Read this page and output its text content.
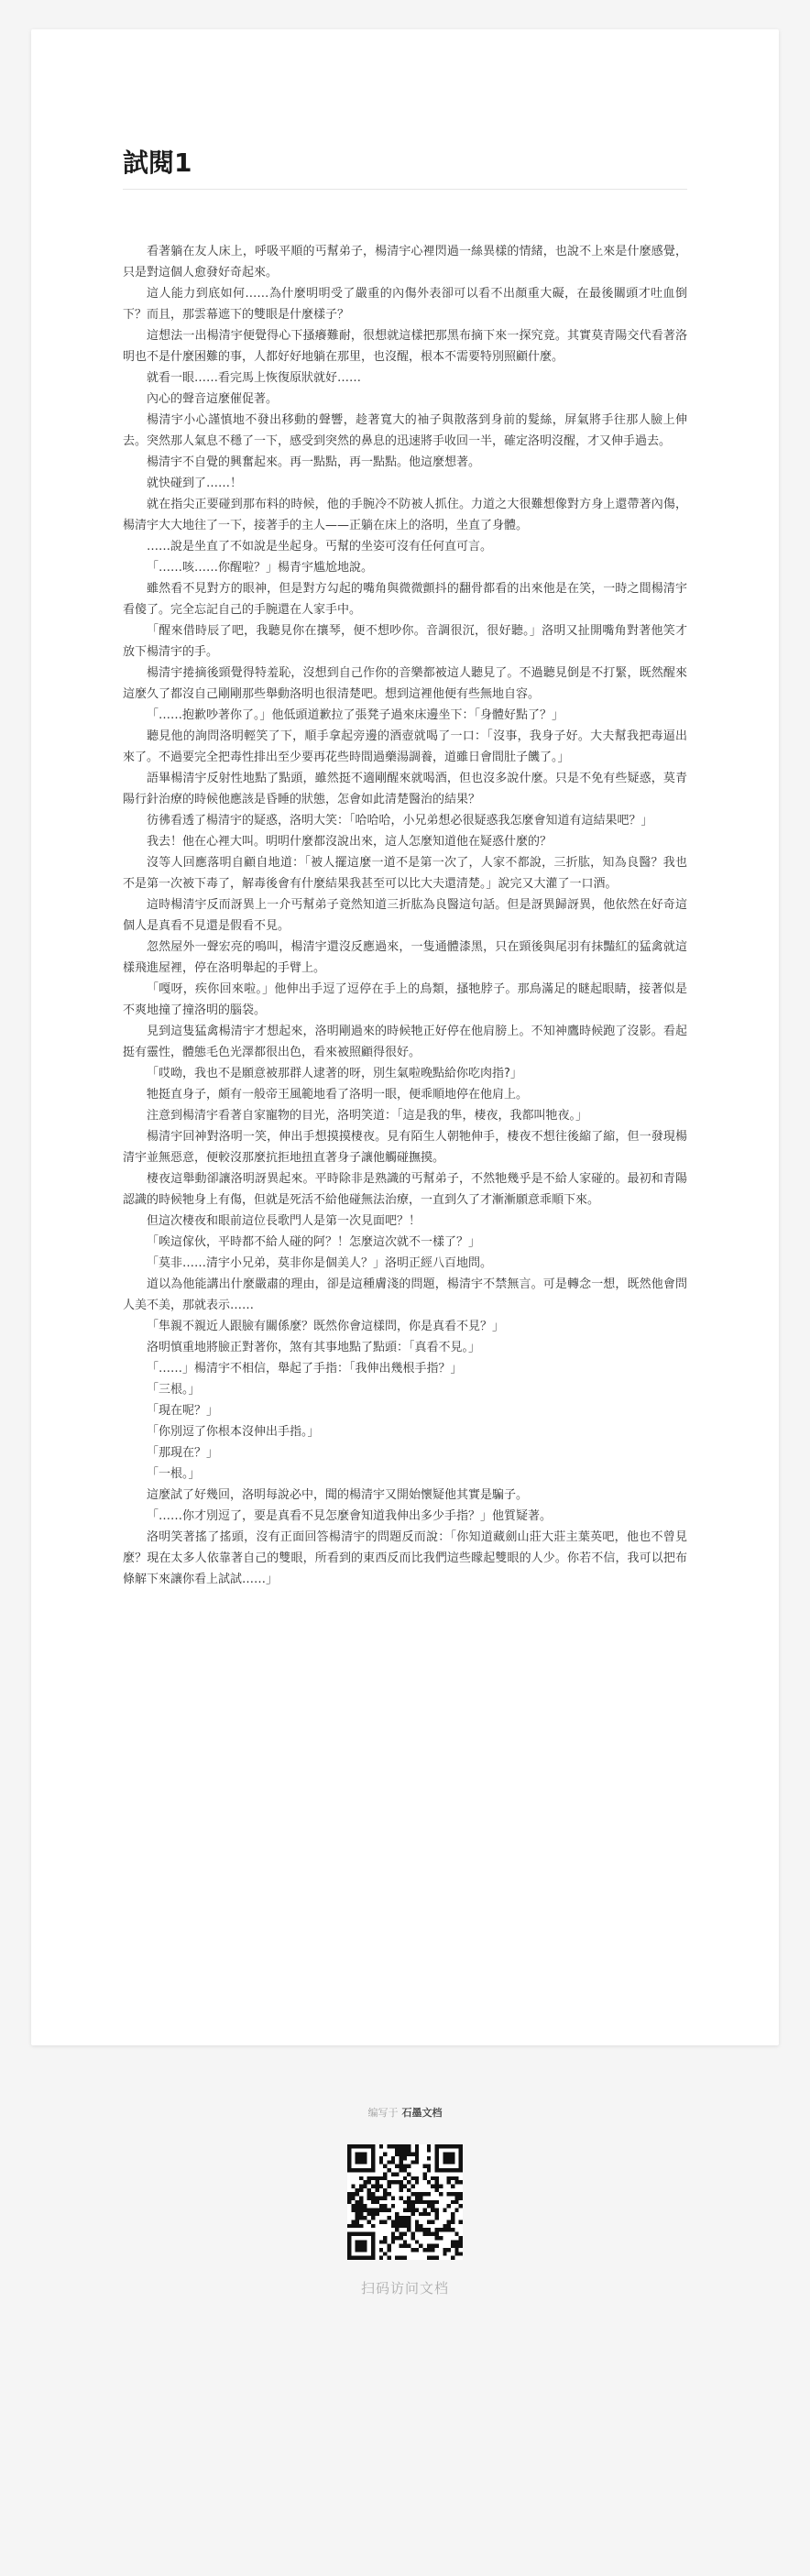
試閱1

看著躺在友人床上，呼吸平順的丐幫弟子，楊清宇心裡閃過一絲異樣的情緒，也說不上來是什麼感覺，只是對這個人愈發好奇起來。

這人能力到底如何……為什麼明明受了嚴重的內傷外表卻可以看不出顏重大礙，在最後關頭才吐血倒下？而且，那雲幕遮下的雙眼是什麼樣子？

這想法一出楊清宇便覺得心下搔癢難耐，很想就這樣把那黑布摘下來一探究竟。其實莫青陽交代看著洛明也不是什麼困難的事，人都好好地躺在那里，也沒醒，根本不需要特別照顧什麼。

就看一眼……看完馬上恢復原狀就好……

內心的聲音這麼催促著。

楊清宇小心謹慎地不發出移動的聲響，趁著寬大的袖子與散落到身前的髮絲，屏氣將手往那人臉上伸去。突然那人氣息不穩了一下，感受到突然的鼻息的迅速將手收回一半，確定洛明沒醒，才又伸手過去。

楊清宇不自覺的興奮起來。再一點點，再一點點。他這麼想著。

就快碰到了……！

就在指尖正要碰到那布料的時候，他的手腕冷不防被人抓住。力道之大很難想像對方身上還帶著內傷，楊清宇大大地往了一下，接著手的主人——正躺在床上的洛明，坐直了身體。

……說是坐直了不如說是坐起身。丐幫的坐姿可沒有任何直可言。

「……咳……你醒啦？」楊青宇尴尬地說。

雖然看不見對方的眼神，但是對方勾起的嘴角與微微顫抖的翻骨都看的出來他是在笑，一時之間楊清宇看傻了。完全忘記自己的手腕還在人家手中。

「醒來借時辰了吧，我聽見你在攘琴，便不想吵你。音調很沉，很好聽。」洛明又扯開嘴角對著他笑才放下楊清宇的手。

楊清宇捲摘後頸覺得特羞恥，沒想到自己作你的音樂都被這人聽見了。不過聽見倒是不打緊，既然醒來這麼久了都沒自己剛剛那些舉動洛明也很清楚吧。想到這裡他便有些無地自容。

「……抱歉吵著你了。」他低頭道歉拉了張凳子過來床邊坐下：「身體好點了？」

聽見他的詢問洛明輕笑了下，順手拿起旁邊的酒壺就喝了一口：「沒事，我身子好。大夫幫我把毒逼出來了。不過要完全把毒性排出至少要再花些時間過藥湯調養，道雖日會間肚子饑了。」

語畢楊清宇反射性地點了點頭，雖然挺不適剛醒來就喝酒，但也沒多說什麼。只是不免有些疑惑，莫青陽行針治療的時候他應該是昏睡的狀態，怎會如此清楚醫治的結果？

彷彿看透了楊清宇的疑惑，洛明大笑：「哈哈哈，小兄弟想必很疑惑我怎麼會知道有這結果吧？」

我去！他在心裡大叫。明明什麼都沒說出來，這人怎麼知道他在疑惑什麼的？

沒等人回應落明自顧自地道：「被人擺這麼一道不是第一次了，人家不都說，三折肱，知為良醫？我也不是第一次被下毒了，解毒後會有什麼結果我甚至可以比大夫還清楚。」說完又大灌了一口酒。

這時楊清宇反而訝異上一介丐幫弟子竟然知道三折肱為良醫這句話。但是訝異歸訝異，他依然在好奇這個人是真看不見還是假看不見。

忽然屋外一聲宏亮的鳴叫，楊清宇還沒反應過來，一隻通體漆黑，只在頸後與尾羽有抹豔紅的猛禽就這樣飛進屋裡，停在洛明舉起的手臂上。

「嘎呀，疾你回來啦。」他伸出手逗了逗停在手上的鳥類，搔牠脖子。那鳥滿足的瞇起眼睛，接著似是不爽地撞了撞洛明的腦袋。

見到這隻猛禽楊清宇才想起來，洛明剛過來的時候牠正好停在他肩膀上。不知神鷹時候跑了沒影。看起挺有靈性，體態毛色光澤都很出色，看來被照顧得很好。

「哎呦，我也不是願意被那群人逮著的呀，別生氣啦晚點給你吃肉指?」

牠挺直身子，頗有一般帝王風範地看了洛明一眼，便乖順地停在他肩上。

注意到楊清宇看著自家寵物的目光，洛明笑道：「這是我的隼，棲夜，我都叫牠夜。」

楊清宇回神對洛明一笑，伸出手想摸摸棲夜。見有陌生人朝牠伸手，棲夜不想往後縮了縮，但一發現楊清宇並無惡意，便較沒那麼抗拒地扭直著身子讓他觸碰撫摸。

棲夜這舉動卻讓洛明訝異起來。平時除非是熟識的丐幫弟子，不然牠幾乎是不給人家碰的。最初和青陽認識的時候牠身上有傷，但就是死活不給他碰無法治療，一直到久了才漸漸願意乖順下來。

但這次棲夜和眼前這位長歌門人是第一次見面吧？！

「唉這傢伙，平時都不給人碰的阿？！怎麼這次就不一樣了？」

「莫非……清宇小兄弟，莫非你是個美人？」洛明正經八百地問。

道以為他能講出什麼嚴肅的理由，卻是這種膚淺的問題，楊清宇不禁無言。可是轉念一想，既然他會問人美不美，那就表示……

「隼親不親近人跟臉有關係麼？既然你會這樣問，你是真看不見？」

洛明慎重地將臉正對著你，煞有其事地點了點頭：「真看不見。」

「……」楊清宇不相信，舉起了手指：「我伸出幾根手指？」

「三根。」

「現在呢？」

「你別逗了你根本沒伸出手指。」

「那現在？」

「一根。」

這麼試了好幾回，洛明每說必中，聞的楊清宇又開始懷疑他其實是騙子。

「……你才別逗了，要是真看不見怎麼會知道我伸出多少手指？」他質疑著。

洛明笑著搖了搖頭，沒有正面回答楊清宇的問題反而說：「你知道藏劍山莊大莊主葉英吧，他也不曾見麼？現在太多人依靠著自己的雙眼，所看到的東西反而比我們這些矇起雙眼的人少。你若不信，我可以把布條解下來讓你看上試試……」

编写于 石墨文档
扫码访问文档
